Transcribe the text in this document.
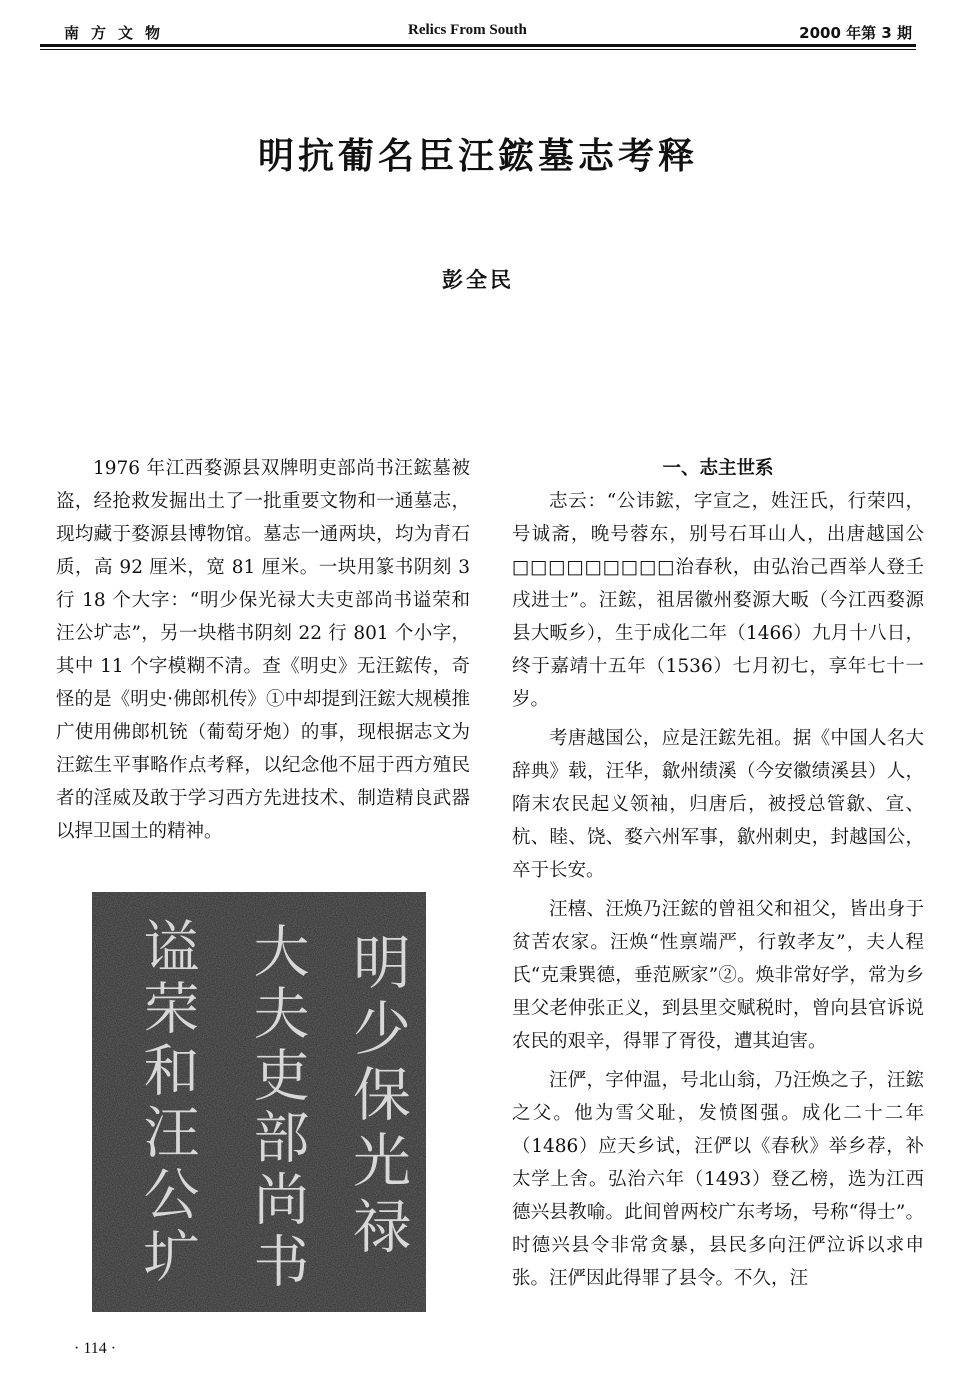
南方文物	Relics From South	2000 年第 3 期
明抗葡名臣汪鋐墓志考释
彭全民

1976 年江西婺源县双牌明吏部尚书汪鋐墓被盗，经抢救发掘出土了一批重要文物和一通墓志，现均藏于婺源县博物馆。墓志一通两块，均为青石质，高 92 厘米，宽 81 厘米。一块用篆书阴刻 3 行 18 个大字：“明少保光禄大夫吏部尚书谥荣和汪公圹志”，另一块楷书阴刻 22 行 801 个小字，其中 11 个字模糊不清。查《明史》无汪鋐传，奇怪的是《明史·佛郎机传》①中却提到汪鋐大规模推广使用佛郎机铳（葡萄牙炮）的事，现根据志文为汪鋐生平事略作点考释，以纪念他不屈于西方殖民者的淫威及敢于学习西方先进技术、制造精良武器以捍卫国土的精神。

明少保光禄
大夫吏部尚书
谥荣和汪公圹
一、志主世系

志云：“公讳鋐，字宣之，姓汪氏，行荣四，号诚斋，晚号蓉东，别号石耳山人，出唐越国公□□□□□□□□□治春秋，由弘治己酉举人登壬戌进士”。汪鋐，祖居徽州婺源大畈（今江西婺源县大畈乡），生于成化二年（1466）九月十八日，终于嘉靖十五年（1536）七月初七，享年七十一岁。

考唐越国公，应是汪鋐先祖。据《中国人名大辞典》载，汪华，歙州绩溪（今安徽绩溪县）人，隋末农民起义领袖，归唐后，被授总管歙、宣、杭、睦、饶、婺六州军事，歙州刺史，封越国公，卒于长安。

汪橲、汪焕乃汪鋐的曾祖父和祖父，皆出身于贫苦农家。汪焕“性禀端严，行敦孝友”，夫人程氏“克秉巽德，垂范厥家”②。焕非常好学，常为乡里父老伸张正义，到县里交赋税时，曾向县官诉说农民的艰辛，得罪了胥役，遭其迫害。

汪俨，字仲温，号北山翁，乃汪焕之子，汪鋐之父。他为雪父耻，发愤图强。成化二十二年（1486）应天乡试，汪俨以《春秋》举乡荐，补太学上舍。弘治六年（1493）登乙榜，选为江西德兴县教喻。此间曾两校广东考场，号称“得士”。时德兴县令非常贪暴，县民多向汪俨泣诉以求申张。汪俨因此得罪了县令。不久，汪

· 114 ·
